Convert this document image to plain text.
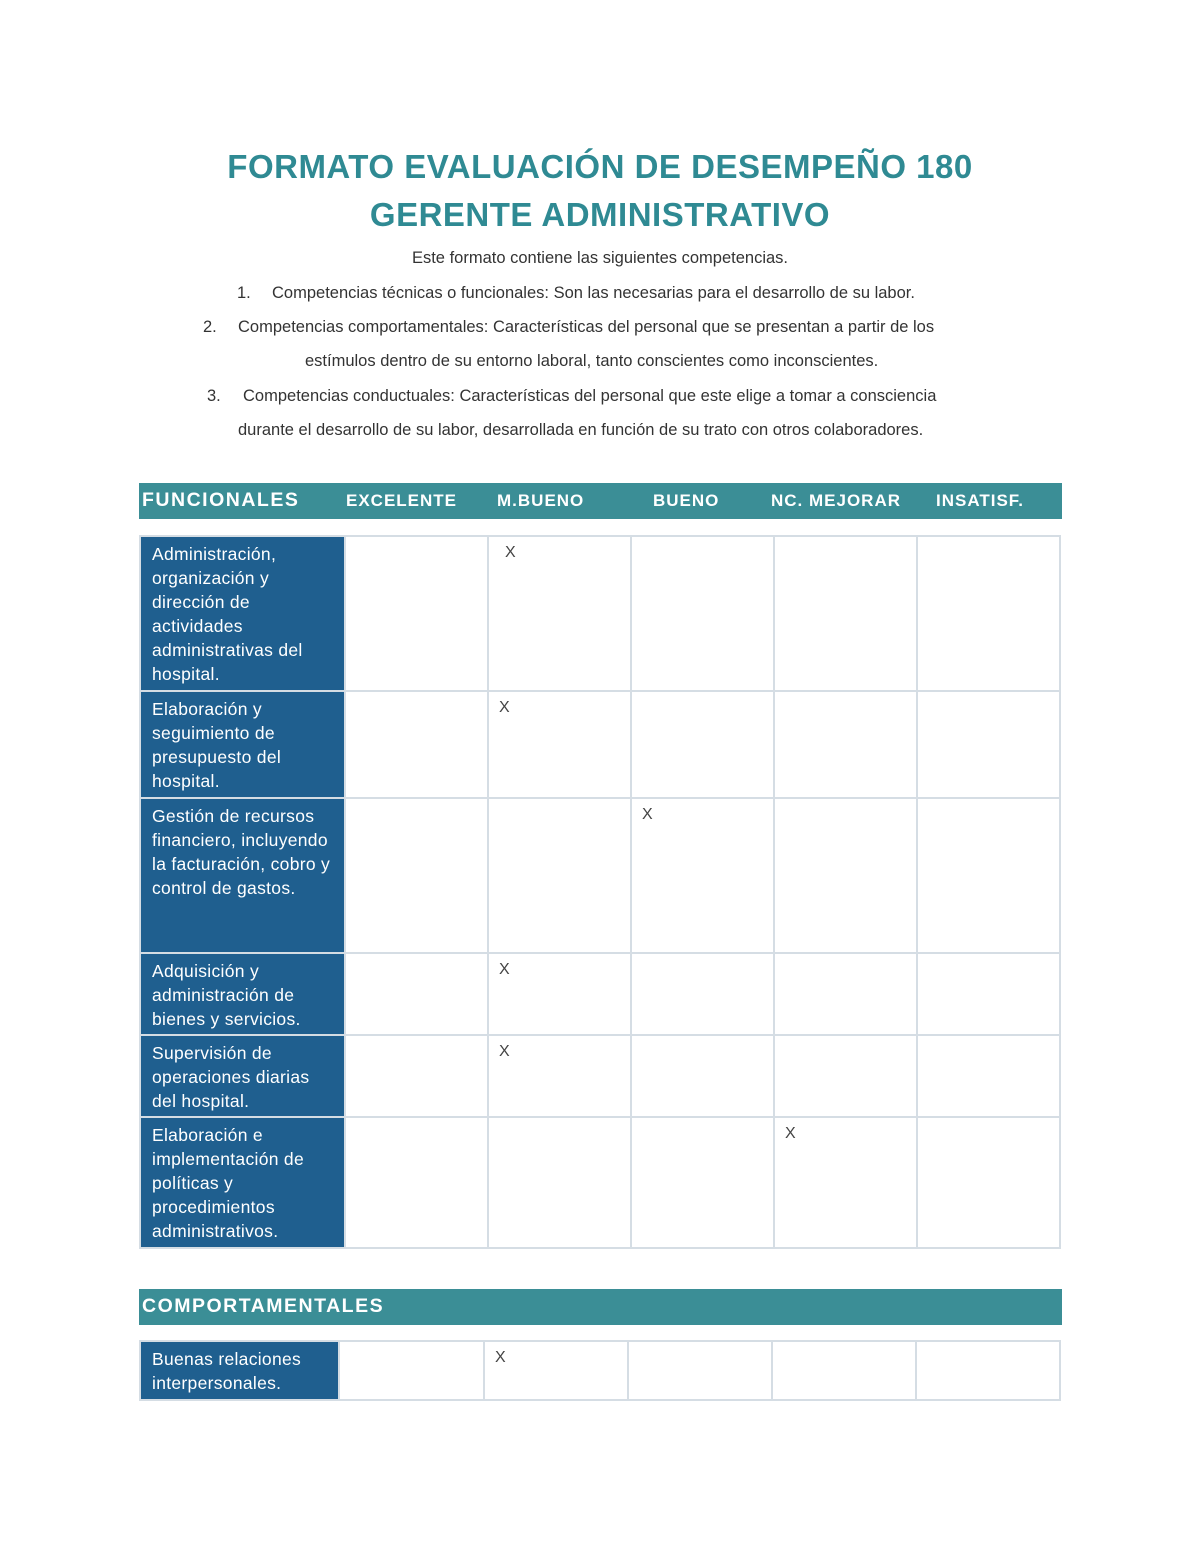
FORMATO EVALUACIÓN DE DESEMPEÑO 180
GERENTE ADMINISTRATIVO
Este formato contiene las siguientes competencias.
1. Competencias técnicas o funcionales: Son las necesarias para el desarrollo de su labor.
2. Competencias comportamentales: Características del personal que se presentan a partir de los
estímulos dentro de su entorno laboral, tanto conscientes como inconscientes.
3. Competencias conductuales: Características del personal que este elige a tomar a consciencia
durante el desarrollo de su labor, desarrollada en función de su trato con otros colaboradores.
FUNCIONALES	EXCELENTE M.BUENO	BUENO	NC. MEJORAR INSATISF.
Administración, organización y dirección de actividades administrativas del hospital.		X			
Elaboración y seguimiento de presupuesto del hospital.		X			
Gestión de recursos financiero, incluyendo la facturación, cobro y control de gastos.			X		
Adquisición y administración de bienes y servicios.		X			
Supervisión de operaciones diarias del hospital.		X			
Elaboración e implementación de políticas y procedimientos administrativos.				X	
COMPORTAMENTALES
Buenas relaciones interpersonales.		X			
